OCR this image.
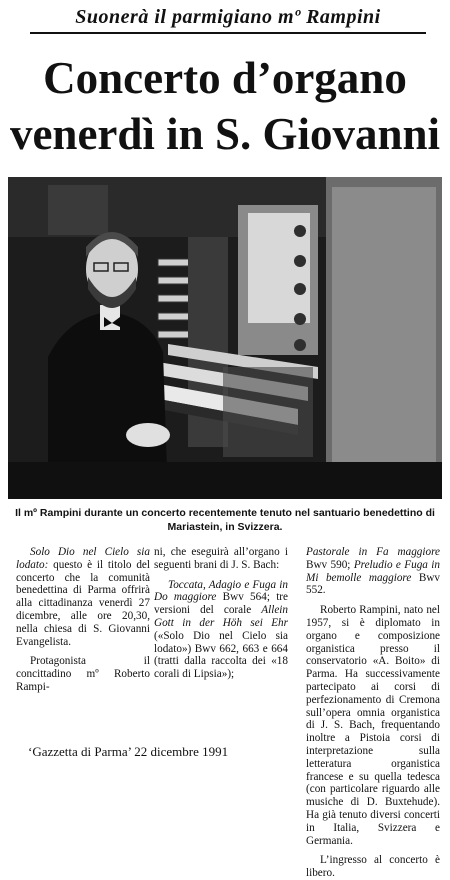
Suonerà il parmigiano mº Rampini
Concerto d’organo
venerdì in S. Giovanni
Il mº Rampini durante un concerto recentemente tenuto nel santuario benedettino di
Mariastein, in Svizzera.

Solo Dio nel Cielo sia lodato: questo è il titolo del concerto che la comunità benedettina di Parma offrirà alla cittadinanza venerdì 27 dicembre, alle ore 20,30, nella chiesa di S. Giovanni Evangelista.

Protagonista il concittadino mº Roberto Rampi-

ni, che eseguirà all’organo i seguenti brani di J. S. Bach:

Toccata, Adagio e Fuga in Do maggiore Bwv 564; tre versioni del corale Allein Gott in der Höh sei Ehr («Solo Dio nel Cielo sia lodato») Bwv 662, 663 e 664 (tratti dalla raccolta dei «18 corali di Lipsia»);

Pastorale in Fa maggiore Bwv 590; Preludio e Fuga in Mi bemolle maggiore Bwv 552.

Roberto Rampini, nato nel 1957, si è diplomato in organo e composizione organistica presso il conservatorio «A. Boito» di Parma. Ha successivamente partecipato ai corsi di perfezionamento di Cremona sull’opera omnia organistica di J. S. Bach, frequentando inoltre a Pistoia corsi di interpretazione sulla letteratura organistica francese e su quella tedesca (con particolare riguardo alle musiche di D. Buxtehude). Ha già tenuto diversi concerti in Italia, Svizzera e Germania.

L’ingresso al concerto è libero.

‘Gazzetta di Parma’ 22 dicembre 1991
